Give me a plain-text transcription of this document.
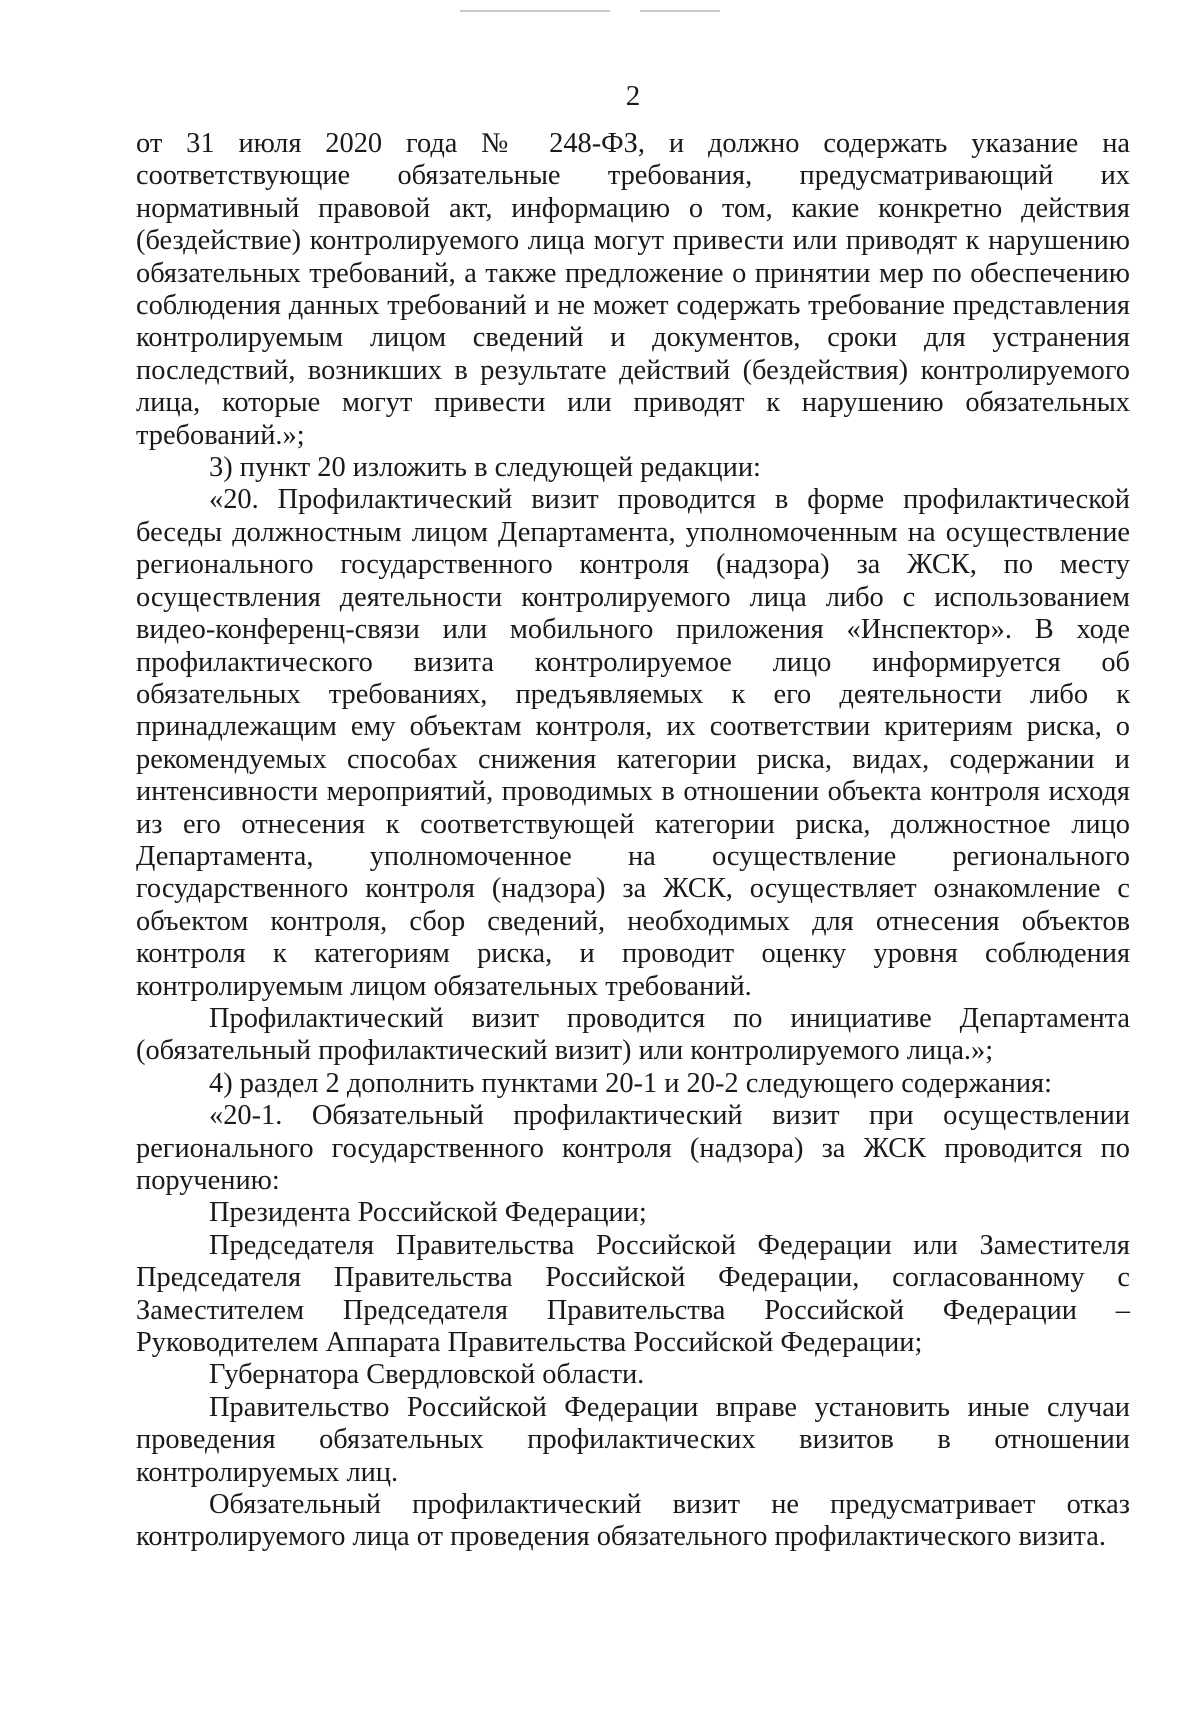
2

от 31 июля 2020 года № 248-ФЗ, и должно содержать указание на соответствующие обязательные требования, предусматривающий их нормативный правовой акт, информацию о том, какие конкретно действия (бездействие) контролируемого лица могут привести или приводят к нарушению обязательных требований, а также предложение о принятии мер по обеспечению соблюдения данных требований и не может содержать требование представления контролируемым лицом сведений и документов, сроки для устранения последствий, возникших в результате действий (бездействия) контролируемого лица, которые могут привести или приводят к нарушению обязательных требований.»;

3) пункт 20 изложить в следующей редакции:

«20. Профилактический визит проводится в форме профилактической беседы должностным лицом Департамента, уполномоченным на осуществление регионального государственного контроля (надзора) за ЖСК, по месту осуществления деятельности контролируемого лица либо с использованием видео-конференц-связи или мобильного приложения «Инспектор». В ходе профилактического визита контролируемое лицо информируется об обязательных требованиях, предъявляемых к его деятельности либо к принадлежащим ему объектам контроля, их соответствии критериям риска, о рекомендуемых способах снижения категории риска, видах, содержании и интенсивности мероприятий, проводимых в отношении объекта контроля исходя из его отнесения к соответствующей категории риска, должностное лицо Департамента, уполномоченное на осуществление регионального государственного контроля (надзора) за ЖСК, осуществляет ознакомление с объектом контроля, сбор сведений, необходимых для отнесения объектов контроля к категориям риска, и проводит оценку уровня соблюдения контролируемым лицом обязательных требований.

Профилактический визит проводится по инициативе Департамента (обязательный профилактический визит) или контролируемого лица.»;

4) раздел 2 дополнить пунктами 20-1 и 20-2 следующего содержания:

«20-1. Обязательный профилактический визит при осуществлении регионального государственного контроля (надзора) за ЖСК проводится по поручению:

Президента Российской Федерации;

Председателя Правительства Российской Федерации или Заместителя Председателя Правительства Российской Федерации, согласованному с Заместителем Председателя Правительства Российской Федерации – Руководителем Аппарата Правительства Российской Федерации;

Губернатора Свердловской области.

Правительство Российской Федерации вправе установить иные случаи проведения обязательных профилактических визитов в отношении контролируемых лиц.

Обязательный профилактический визит не предусматривает отказ контролируемого лица от проведения обязательного профилактического визита.
